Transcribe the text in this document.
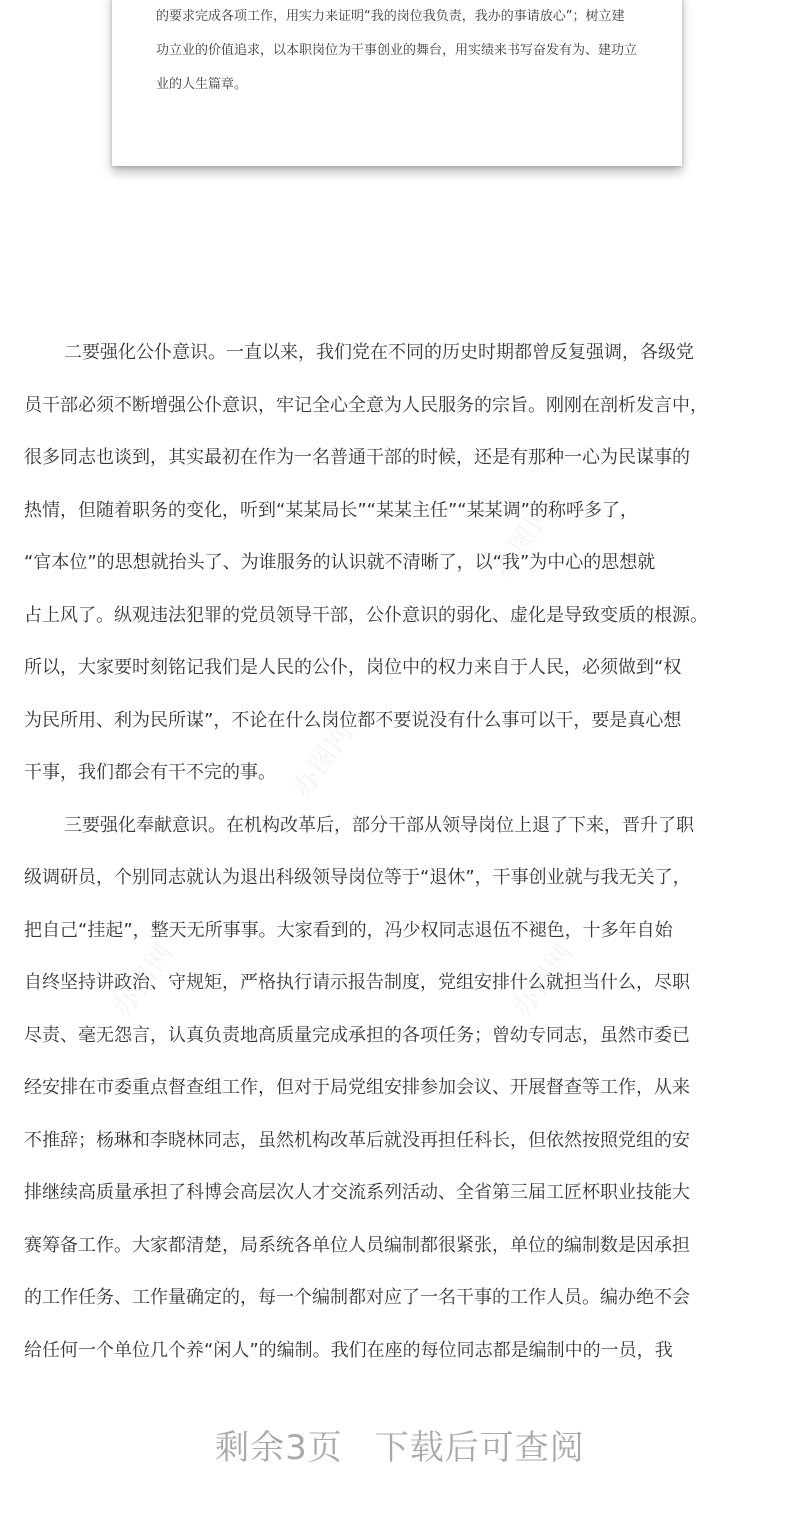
的要求完成各项工作，用实力来证明“我的岗位我负责，我办的事请放心”；树立建
功立业的价值追求，以本职岗位为干事创业的舞台，用实绩来书写奋发有为、建功立
业的人生篇章。

办图网
办图网
办图网	办图网

二要强化公仆意识。一直以来，我们党在不同的历史时期都曾反复强调，各级党
员干部必须不断增强公仆意识，牢记全心全意为人民服务的宗旨。刚刚在剖析发言中，
很多同志也谈到，其实最初在作为一名普通干部的时候，还是有那种一心为民谋事的
热情，但随着职务的变化，听到“某某局长”“某某主任”“某某调”的称呼多了，
“官本位”的思想就抬头了、为谁服务的认识就不清晰了，以“我”为中心的思想就
占上风了。纵观违法犯罪的党员领导干部，公仆意识的弱化、虚化是导致变质的根源。
所以，大家要时刻铭记我们是人民的公仆，岗位中的权力来自于人民，必须做到“权
为民所用、利为民所谋”，不论在什么岗位都不要说没有什么事可以干，要是真心想
干事，我们都会有干不完的事。

三要强化奉献意识。在机构改革后，部分干部从领导岗位上退了下来，晋升了职
级调研员，个别同志就认为退出科级领导岗位等于“退休”，干事创业就与我无关了，
把自己“挂起”，整天无所事事。大家看到的，冯少权同志退伍不褪色，十多年自始
自终坚持讲政治、守规矩，严格执行请示报告制度，党组安排什么就担当什么，尽职
尽责、毫无怨言，认真负责地高质量完成承担的各项任务；曾幼专同志，虽然市委已
经安排在市委重点督查组工作，但对于局党组安排参加会议、开展督查等工作，从来
不推辞；杨琳和李晓林同志，虽然机构改革后就没再担任科长，但依然按照党组的安
排继续高质量承担了科博会高层次人才交流系列活动、全省第三届工匠杯职业技能大
赛筹备工作。大家都清楚，局系统各单位人员编制都很紧张，单位的编制数是因承担
的工作任务、工作量确定的，每一个编制都对应了一名干事的工作人员。编办绝不会
给任何一个单位几个养“闲人”的编制。我们在座的每位同志都是编制中的一员，我

剩余3页 下载后可查阅
